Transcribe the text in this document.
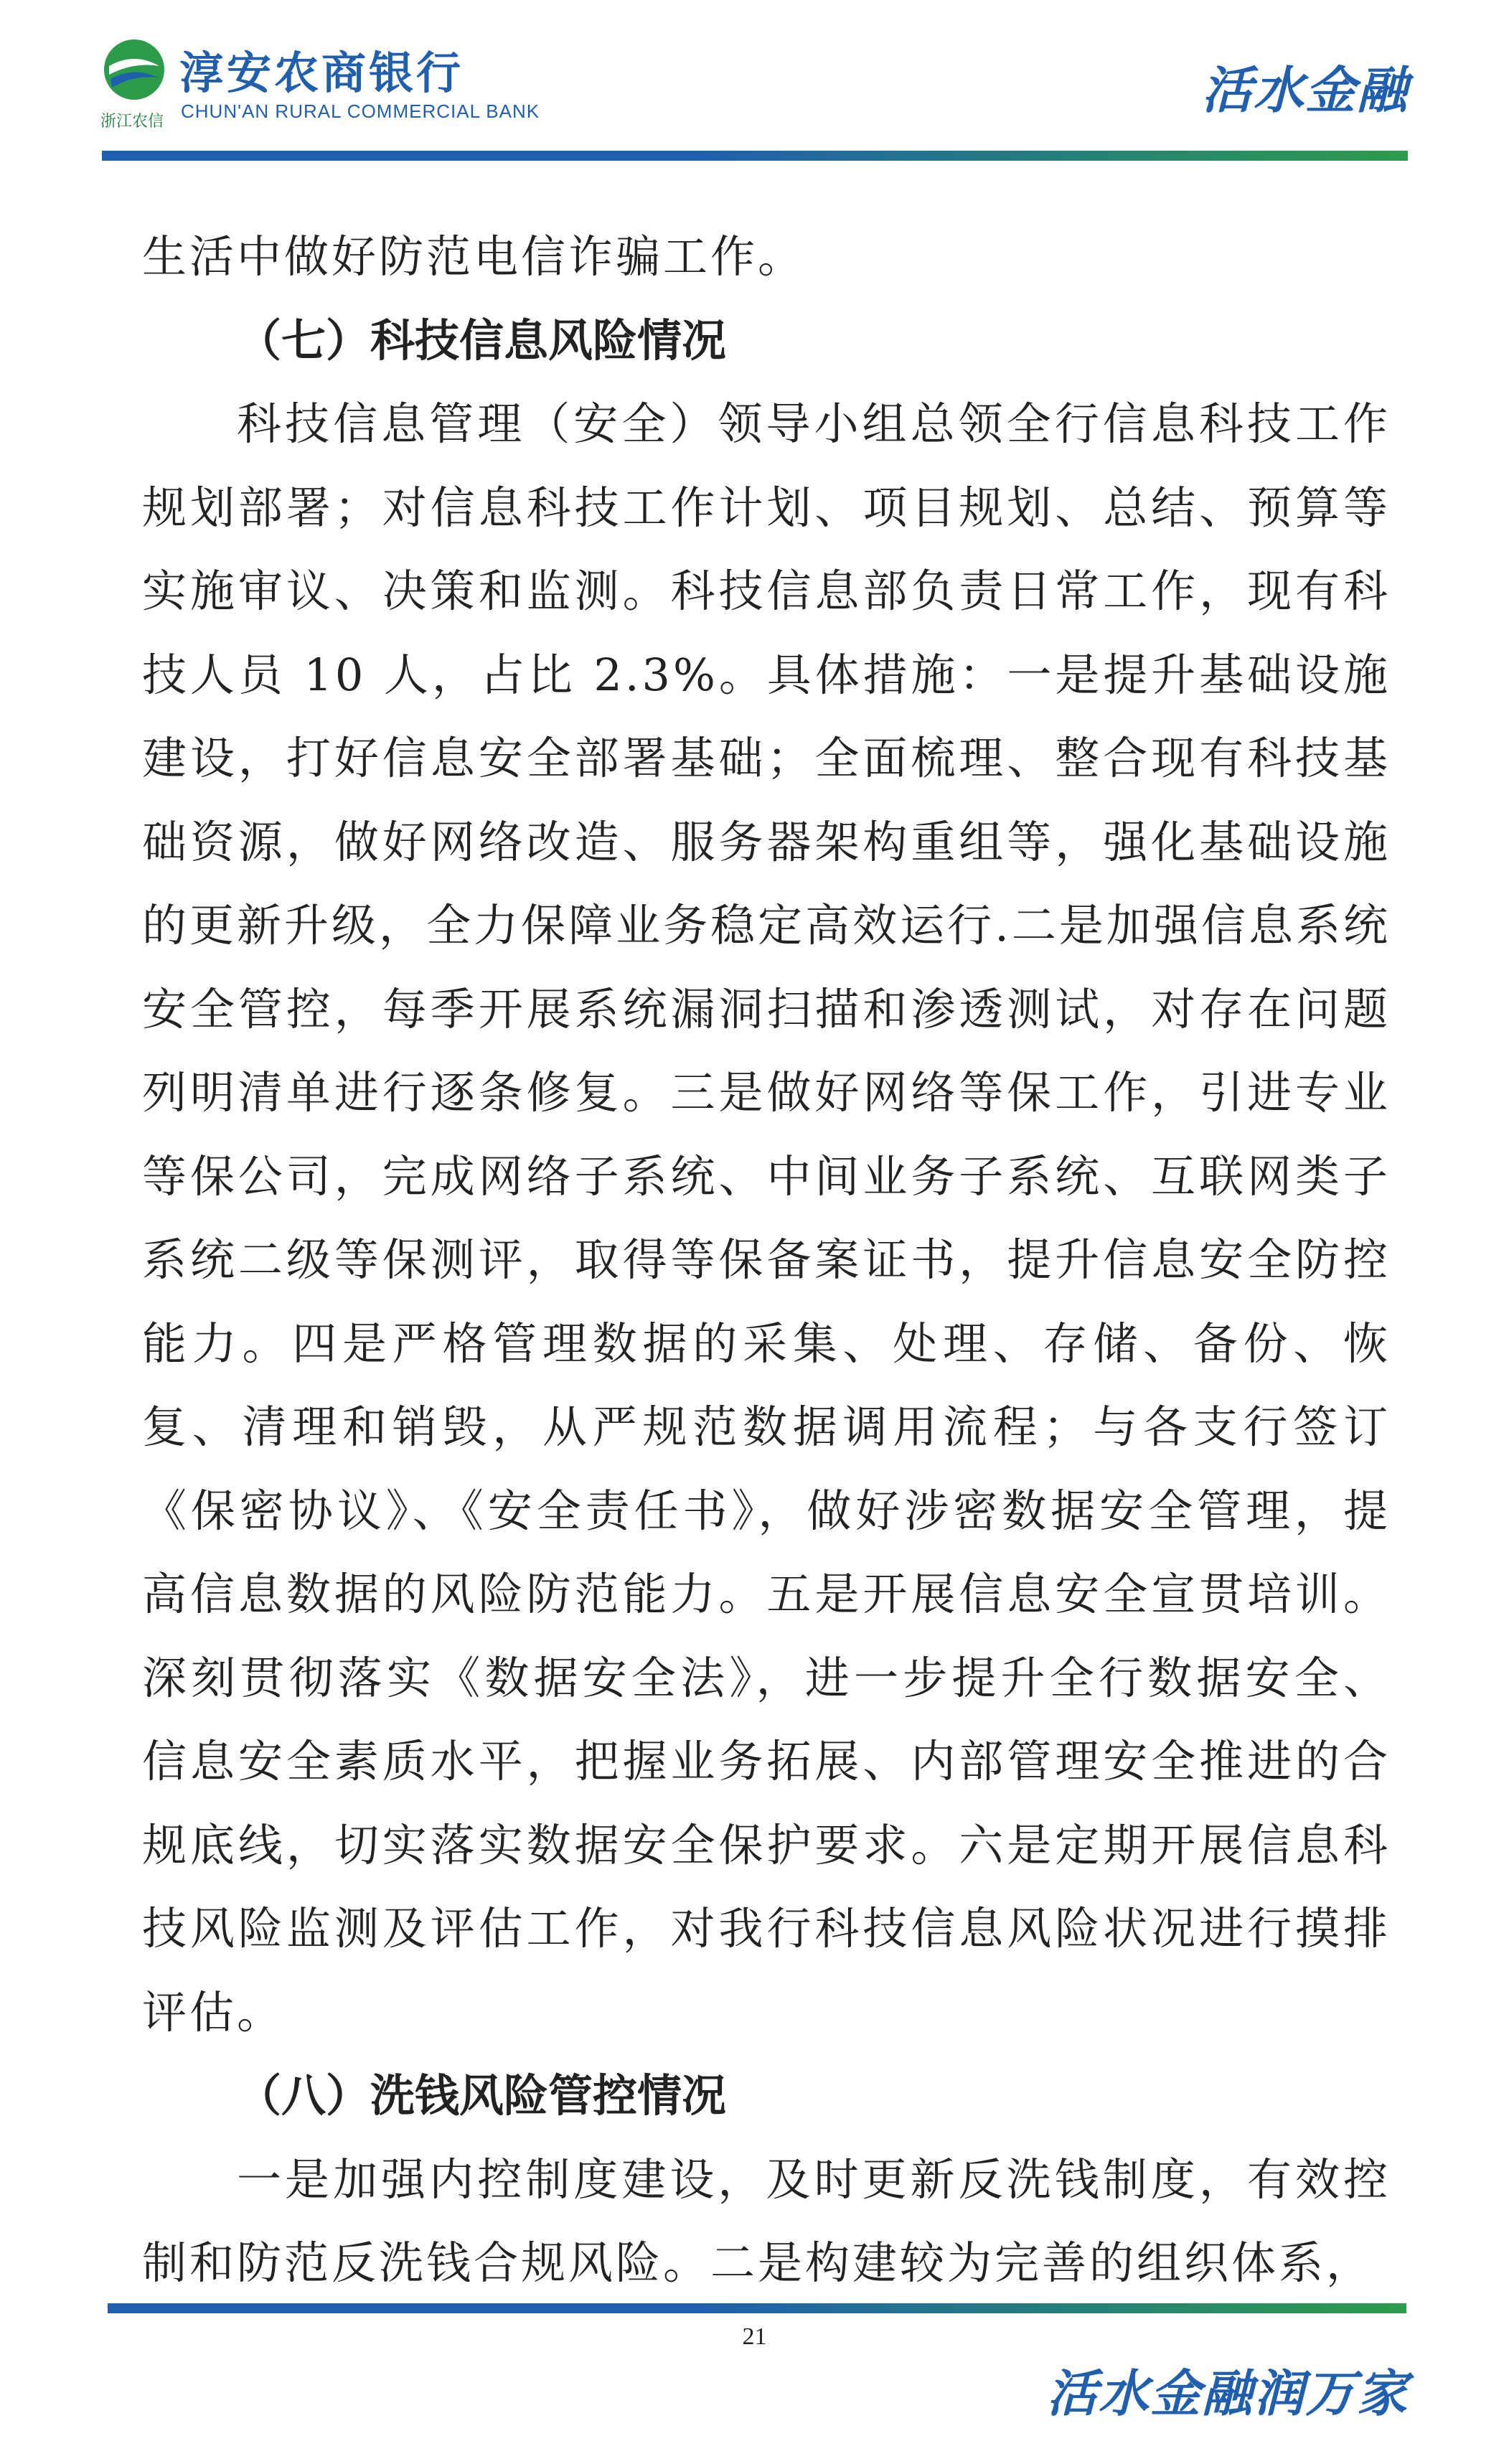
浙江农信
淳安农商银行
CHUN'AN RURAL COMMERCIAL BANK	活水金融

生活中做好防范电信诈骗工作。

（七）科技信息风险情况

科技信息管理（安全）领导小组总领全行信息科技工作规划部署；对信息科技工作计划、项目规划、总结、预算等实施审议、决策和监测。科技信息部负责日常工作，现有科技人员 10 人，占比 2.3%。具体措施：一是提升基础设施建设，打好信息安全部署基础；全面梳理、整合现有科技基础资源，做好网络改造、服务器架构重组等，强化基础设施的更新升级，全力保障业务稳定高效运行.二是加强信息系统安全管控，每季开展系统漏洞扫描和渗透测试，对存在问题列明清单进行逐条修复。三是做好网络等保工作，引进专业等保公司，完成网络子系统、中间业务子系统、互联网类子系统二级等保测评，取得等保备案证书，提升信息安全防控能力。四是严格管理数据的采集、处理、存储、备份、恢复、清理和销毁，从严规范数据调用流程；与各支行签订《保密协议》、《安全责任书》，做好涉密数据安全管理，提高信息数据的风险防范能力。五是开展信息安全宣贯培训。深刻贯彻落实《数据安全法》，进一步提升全行数据安全、信息安全素质水平，把握业务拓展、内部管理安全推进的合规底线，切实落实数据安全保护要求。六是定期开展信息科技风险监测及评估工作，对我行科技信息风险状况进行摸排评估。

（八）洗钱风险管控情况

一是加强内控制度建设，及时更新反洗钱制度，有效控制和防范反洗钱合规风险。二是构建较为完善的组织体系，

21
活水金融润万家
